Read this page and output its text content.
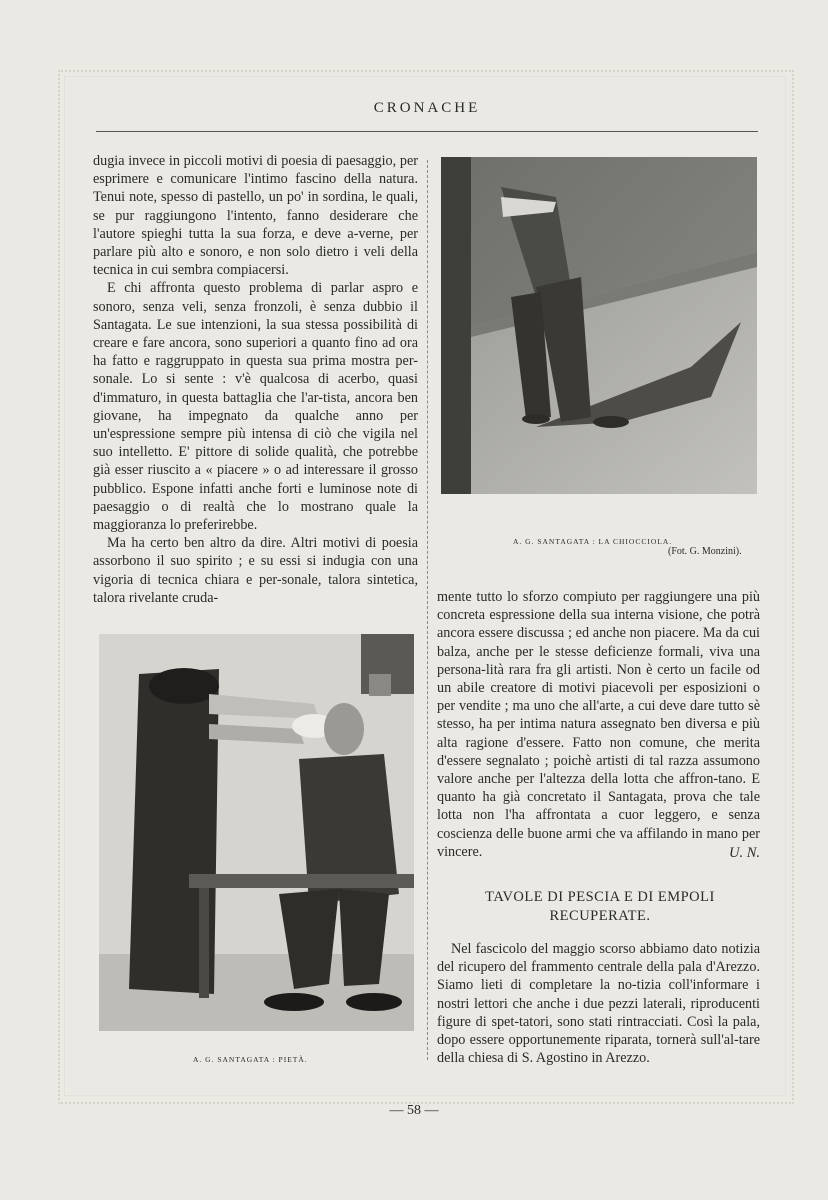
CRONACHE

dugia invece in piccoli motivi di poesia di paesaggio, per esprimere e comunicare l'intimo fascino della natura. Tenui note, spesso di pastello, un po' in sordina, le quali, se pur raggiungono l'intento, fanno desiderare che l'autore spieghi tutta la sua forza, e deve a-verne, per parlare più alto e sonoro, e non solo dietro i veli della tecnica in cui sembra compiacersi.

E chi affronta questo problema di parlar aspro e sonoro, senza veli, senza fronzoli, è senza dubbio il Santagata. Le sue intenzioni, la sua stessa possibilità di creare e fare ancora, sono superiori a quanto fino ad ora ha fatto e raggruppato in questa sua prima mostra per-sonale. Lo si sente : v'è qualcosa di acerbo, quasi d'immaturo, in questa battaglia che l'ar-tista, ancora ben giovane, ha impegnato da qualche anno per un'espressione sempre più intensa di ciò che vigila nel suo intelletto. E' pittore di solide qualità, che potrebbe già esser riuscito a « piacere » o ad interessare il grosso pubblico. Espone infatti anche forti e luminose note di paesaggio o di realtà che lo mostrano quale la maggioranza lo preferirebbe.

Ma ha certo ben altro da dire. Altri motivi di poesia assorbono il suo spirito ; e su essi si indugia con una vigoria di tecnica chiara e per-sonale, talora sintetica, talora rivelante cruda-

A. G. SANTAGATA : LA CHIOCCIOLA.
(Fot. G. Monzini).
A. G. SANTAGATA : PIETÀ.

mente tutto lo sforzo compiuto per raggiungere una più concreta espressione della sua interna visione, che potrà ancora essere discussa ; ed anche non piacere. Ma da cui balza, anche per le stesse deficienze formali, viva una persona-lità rara fra gli artisti. Non è certo un facile od un abile creatore di motivi piacevoli per esposizioni o per vendite ; ma uno che all'arte, a cui deve dare tutto sè stesso, ha per intima natura assegnato ben diversa e più alta ragione d'essere. Fatto non comune, che merita d'essere segnalato ; poichè artisti di tal razza assumono valore anche per l'altezza della lotta che affron-tano. E quanto ha già concretato il Santagata, prova che tale lotta non l'ha affrontata a cuor leggero, e senza coscienza delle buone armi che va affilando in mano per vincere.	U. N.
TAVOLE DI PESCIA E DI EMPOLI
RECUPERATE.

Nel fascicolo del maggio scorso abbiamo dato notizia del ricupero del frammento centrale della pala d'Arezzo. Siamo lieti di completare la no-tizia coll'informare i nostri lettori che anche i due pezzi laterali, riproducenti figure di spet-tatori, sono stati rintracciati. Così la pala, dopo essere opportunemente riparata, tornerà sull'al-tare della chiesa di S. Agostino in Arezzo.

— 58 —
